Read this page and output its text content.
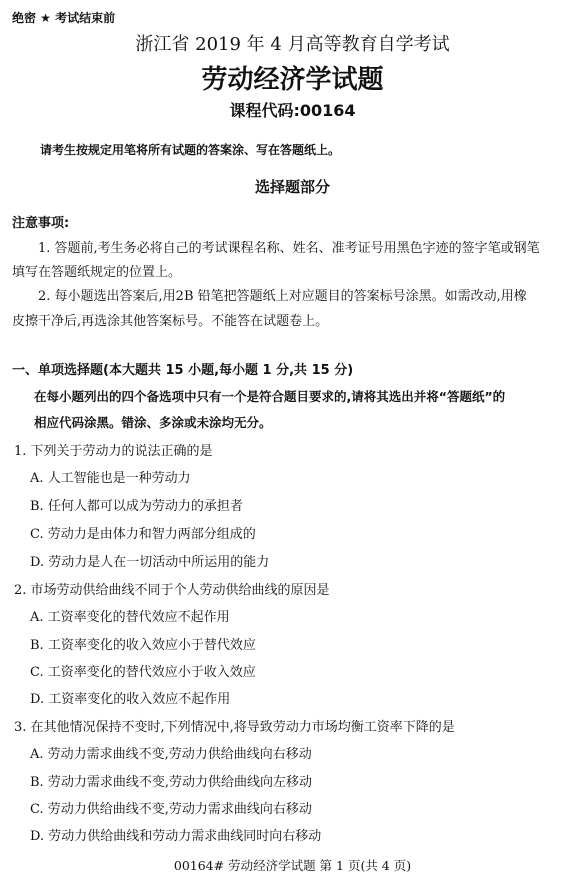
绝密 ★ 考试结束前
浙江省 2019 年 4 月高等教育自学考试
劳动经济学试题
课程代码:00164
请考生按规定用笔将所有试题的答案涂、写在答题纸上。
选择题部分
注意事项:
1. 答题前,考生务必将自己的考试课程名称、姓名、准考证号用黑色字迹的签字笔或钢笔
填写在答题纸规定的位置上。
2. 每小题选出答案后,用2B 铅笔把答题纸上对应题目的答案标号涂黑。如需改动,用橡
皮擦干净后,再选涂其他答案标号。不能答在试题卷上。
一、单项选择题(本大题共 15 小题,每小题 1 分,共 15 分)
在每小题列出的四个备选项中只有一个是符合题目要求的,请将其选出并将“答题纸”的
相应代码涂黑。错涂、多涂或未涂均无分。
1. 下列关于劳动力的说法正确的是
A. 人工智能也是一种劳动力
B. 任何人都可以成为劳动力的承担者
C. 劳动力是由体力和智力两部分组成的
D. 劳动力是人在一切活动中所运用的能力
2. 市场劳动供给曲线不同于个人劳动供给曲线的原因是
A. 工资率变化的替代效应不起作用
B. 工资率变化的收入效应小于替代效应
C. 工资率变化的替代效应小于收入效应
D. 工资率变化的收入效应不起作用
3. 在其他情况保持不变时,下列情况中,将导致劳动力市场均衡工资率下降的是
A. 劳动力需求曲线不变,劳动力供给曲线向右移动
B. 劳动力需求曲线不变,劳动力供给曲线向左移动
C. 劳动力供给曲线不变,劳动力需求曲线向右移动
D. 劳动力供给曲线和劳动力需求曲线同时向右移动
00164# 劳动经济学试题 第 1 页(共 4 页)
